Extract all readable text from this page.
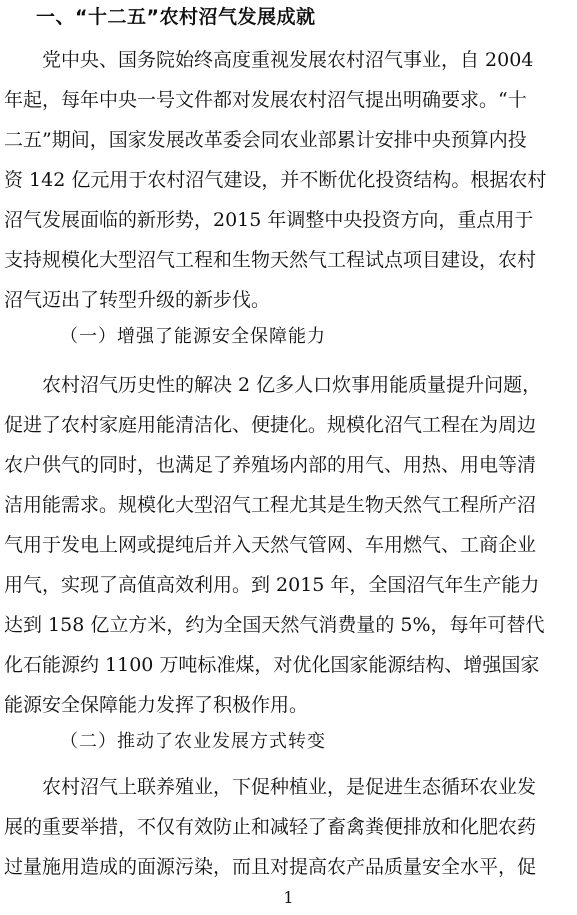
一、“十二五”农村沼气发展成就
党中央、国务院始终高度重视发展农村沼气事业，自 2004
年起，每年中央一号文件都对发展农村沼气提出明确要求。“十
二五”期间，国家发展改革委会同农业部累计安排中央预算内投
资 142 亿元用于农村沼气建设，并不断优化投资结构。根据农村
沼气发展面临的新形势，2015 年调整中央投资方向，重点用于
支持规模化大型沼气工程和生物天然气工程试点项目建设，农村
沼气迈出了转型升级的新步伐。
（一）增强了能源安全保障能力
农村沼气历史性的解决 2 亿多人口炊事用能质量提升问题，
促进了农村家庭用能清洁化、便捷化。规模化沼气工程在为周边
农户供气的同时，也满足了养殖场内部的用气、用热、用电等清
洁用能需求。规模化大型沼气工程尤其是生物天然气工程所产沼
气用于发电上网或提纯后并入天然气管网、车用燃气、工商企业
用气，实现了高值高效利用。到 2015 年，全国沼气年生产能力
达到 158 亿立方米，约为全国天然气消费量的 5%，每年可替代
化石能源约 1100 万吨标准煤，对优化国家能源结构、增强国家
能源安全保障能力发挥了积极作用。
（二）推动了农业发展方式转变
农村沼气上联养殖业，下促种植业，是促进生态循环农业发
展的重要举措，不仅有效防止和减轻了畜禽粪便排放和化肥农药
过量施用造成的面源污染，而且对提高农产品质量安全水平，促
1
